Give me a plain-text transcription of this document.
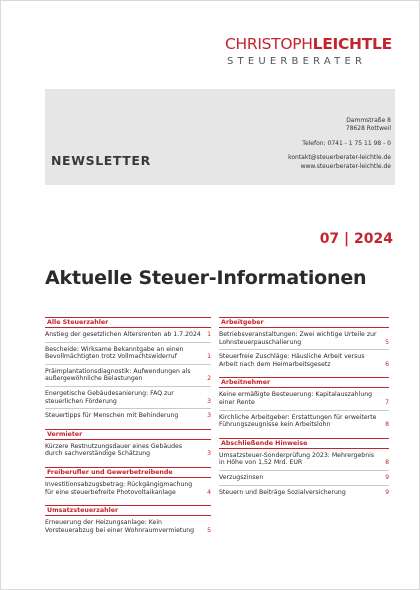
CHRISTOPHLEICHTLE
STEUERBERATER
NEWSLETTER
Dammstraße 8
78628 Rottweil
Telefon: 0741 - 1 75 11 98 - 0
kontakt@steuerberater-leichtle.de
www.steuerberater-leichtle.de
07 | 2024
Aktuelle Steuer-Informationen
Alle Steuerzahler
Anstieg der gesetzlichen Altersrenten ab 1.7.2024 1
Bescheide: Wirksame Bekanntgabe an einen Bevollmächtigten trotz Vollmachtswiderruf	1
Präimplantationsdiagnostik: Aufwendungen als außergewöhnliche Belastungen	2
Energetische Gebäudesanierung: FAQ zur steuerlichen Förderung	3
Steuertipps für Menschen mit Behinderung	3
Vermieter
Kürzere Restnutzungsdauer eines Gebäudes durch sachverständige Schätzung	3
Freiberufler und Gewerbetreibende
Investitionsabzugsbetrag: Rückgängigmachung für eine steuerbefreite Photovoltaikanlage	4
Umsatzsteuerzahler
Erneuerung der Heizungsanlage: Kein Vorsteuerabzug bei einer Wohnraumvermietung 5
Arbeitgeber
Betriebsveranstaltungen: Zwei wichtige Urteile zur Lohnsteuerpauschalierung	5
Steuerfreie Zuschläge: Häusliche Arbeit versus Arbeit nach dem Heimarbeitsgesetz	6
Arbeitnehmer
Keine ermäßigte Besteuerung: Kapitalauszahlung einer Rente	7
Kirchliche Arbeitgeber: Erstattungen für erweiterte Führungszeugnisse kein Arbeitslohn	8
Abschließende Hinweise
Umsatzsteuer-Sonderprüfung 2023: Mehrergebnis in Höhe von 1,52 Mrd. EUR	8
Verzugszinsen	9
Steuern und Beiträge Sozialversicherung	9
